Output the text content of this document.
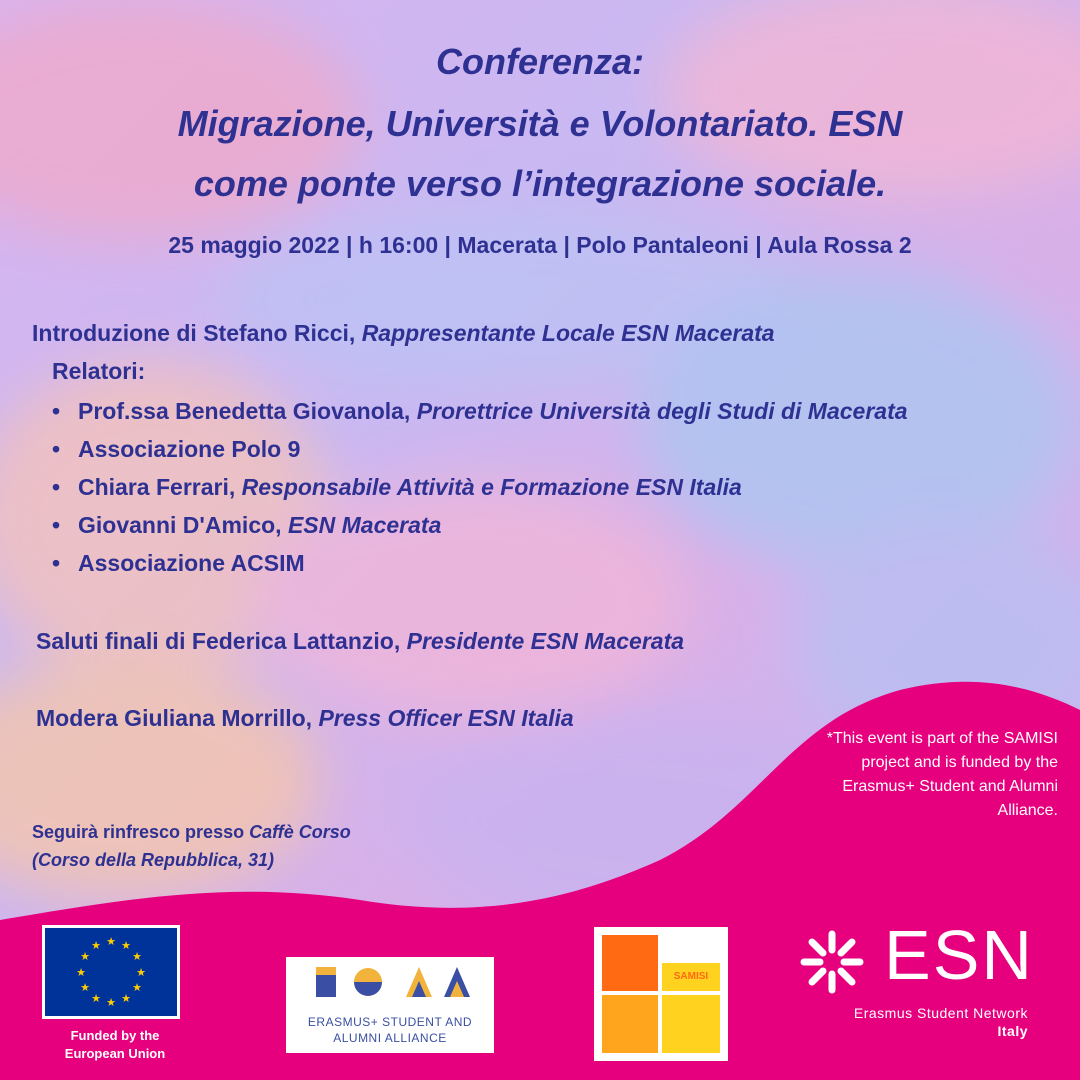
Conferenza:
Migrazione, Università e Volontariato. ESN
come ponte verso l’integrazione sociale.
25 maggio 2022 | h 16:00 | Macerata | Polo Pantaleoni | Aula Rossa 2
Introduzione di Stefano Ricci, Rappresentante Locale ESN Macerata
Relatori:
• Prof.ssa Benedetta Giovanola, Prorettrice Università degli Studi di Macerata
• Associazione Polo 9
• Chiara Ferrari, Responsabile Attività e Formazione ESN Italia
• Giovanni D'Amico, ESN Macerata
• Associazione ACSIM
Saluti finali di Federica Lattanzio, Presidente ESN Macerata
Modera Giuliana Morrillo, Press Officer ESN Italia
Seguirà rinfresco presso Caffè Corso
(Corso della Repubblica, 31)
*This event is part of the SAMISI project and is funded by the Erasmus+ Student and Alumni Alliance.
★ ★
★
★
★
★
★
★
★
★
★
★
Funded by the
European Union
ERASMUS+ STUDENT AND
ALUMNI ALLIANCE
SAMISI	ESN
Erasmus Student Network
Italy
